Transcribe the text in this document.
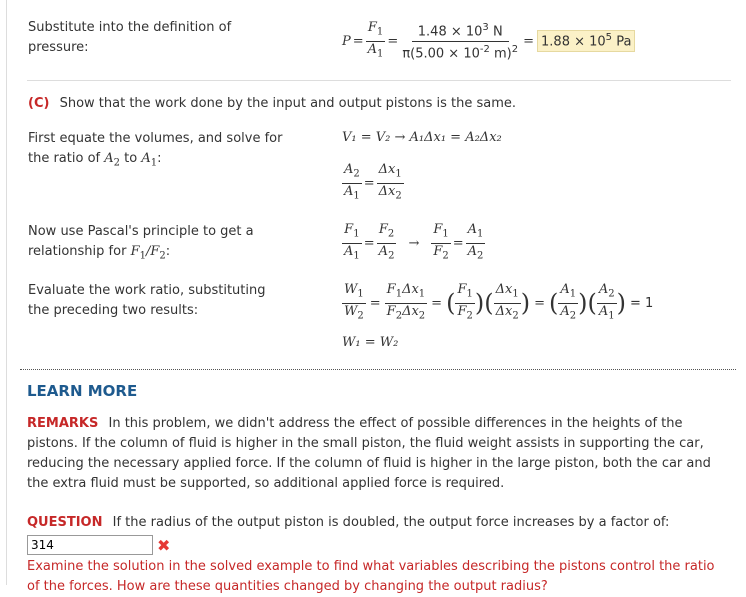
Substitute into the definition of
pressure:	$P = \frac{F_1}{A_1} = \frac{1.48 \times 10^3 N}{\pi(5.00 \times 10^{-2} m)^2} = 1.88 \times 10^5$ Pa
(C) Show that the work done by the input and output pistons is the same.
First equate the volumes, and solve for
the ratio of $A_2$ to $A_1$:
V₁ = V₂ → A₁Δx₁ = A₂Δx₂
$\frac{A_2}{A_1} = \frac{\Delta x_1}{\Delta x_2}$
Now use Pascal's principle to get a
relationship for $F_1/F_2$:	$\frac{F_1}{A_1} = \frac{F_2}{A_2} \to \frac{F_1}{F_2} = \frac{A_1}{A_2}$
Evaluate the work ratio, substituting
the preceding two results:	$\frac{W_1}{W_2} = \frac{F_1\Delta x_1}{F_2\Delta x_2}$ = ( $\frac{F_1}{F_2}$ ) ( $\frac{\Delta x_1}{\Delta x_2}$ ) = ( $\frac{A_1}{A_2}$ ) ( $\frac{A_2}{A_1}$ ) = 1
W₁ = W₂
LEARN MORE
REMARKS In this problem, we didn't address the effect of possible differences in the heights of the pistons. If the column of fluid is higher in the small piston, the fluid weight assists in supporting the car, reducing the necessary applied force. If the column of fluid is higher in the large piston, both the car and the extra fluid must be supported, so additional applied force is required.
QUESTION If the radius of the output piston is doubled, the output force increases by a factor of:
314
✖
Examine the solution in the solved example to find what variables describing the pistons control the ratio of the forces. How are these quantities changed by changing the output radius?
